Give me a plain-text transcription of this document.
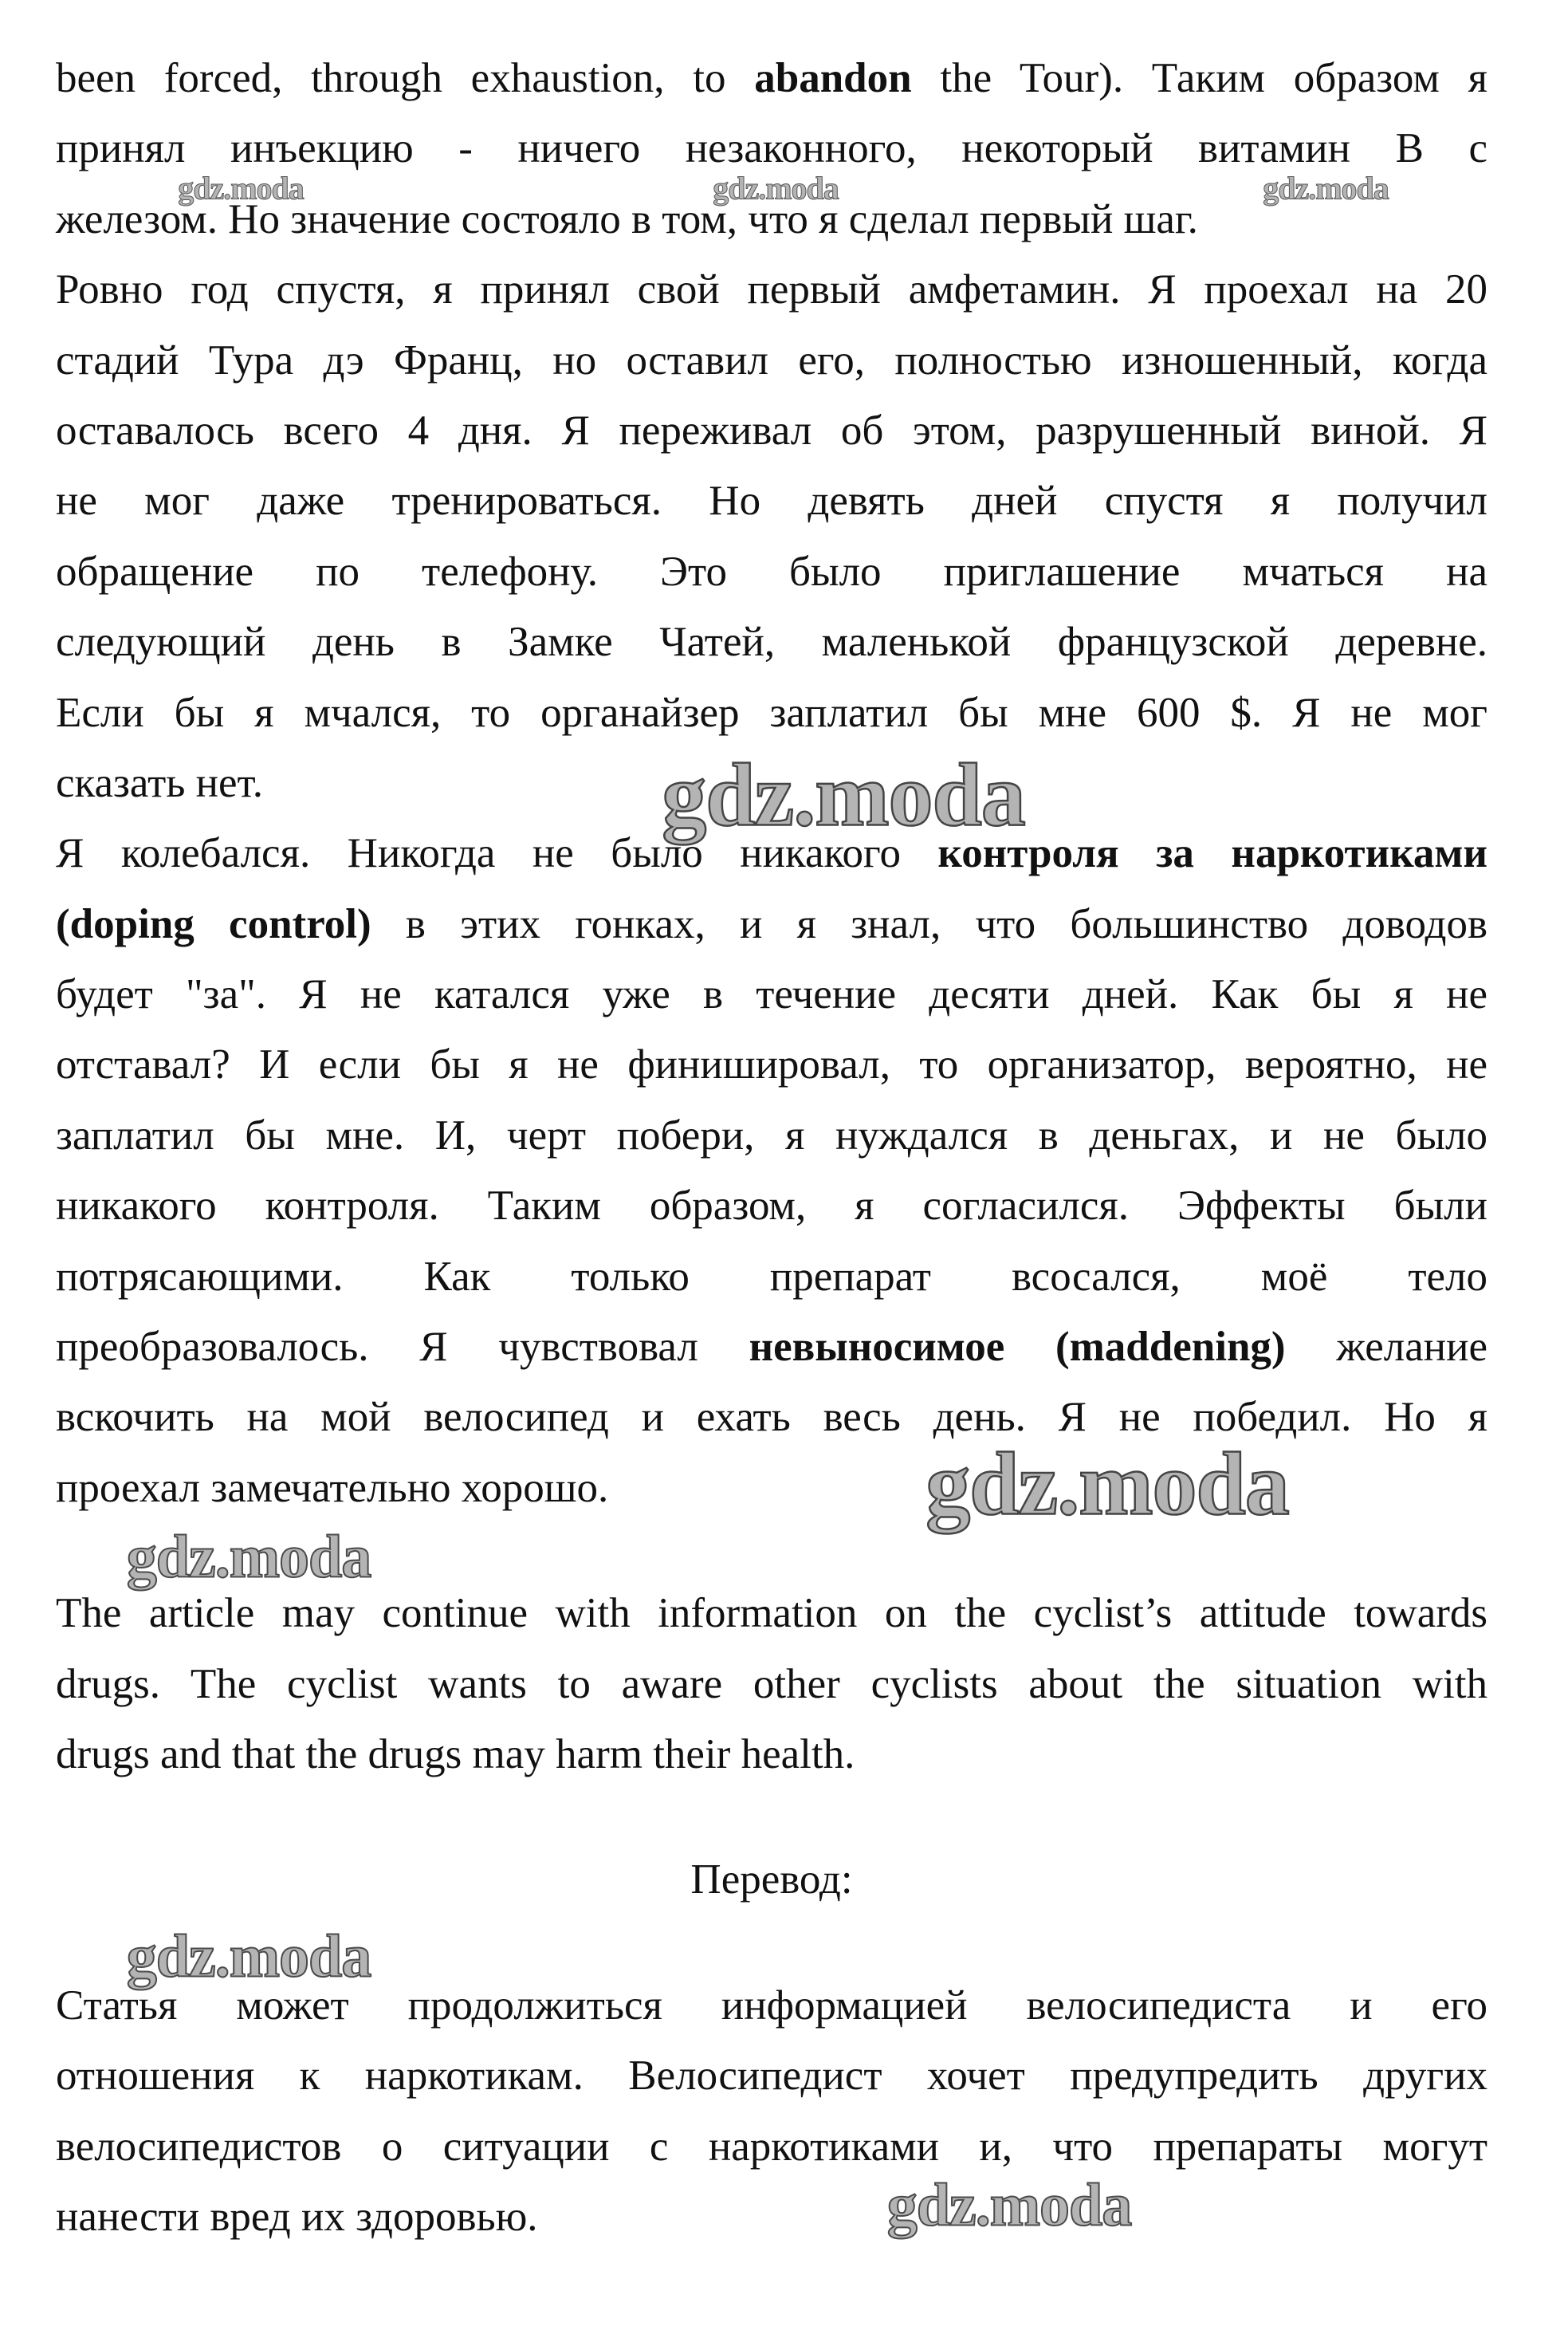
been forced, through exhaustion, to abandon the Tour). Таким образом я
принял инъекцию - ничего незаконного, некоторый витамин В с
железом. Но значение состояло в том, что я сделал первый шаг.
Ровно год спустя, я принял свой первый амфетамин. Я проехал на 20
стадий Тура дэ Франц, но оставил его, полностью изношенный, когда
оставалось всего 4 дня. Я переживал об этом, разрушенный виной. Я
не мог даже тренироваться. Но девять дней спустя я получил
обращение по телефону. Это было приглашение мчаться на
следующий день в Замке Чатей, маленькой французской деревне.
Если бы я мчался, то органайзер заплатил бы мне 600 $. Я не мог
сказать нет.
Я колебался. Никогда не было никакого контроля за наркотиками
(doping control) в этих гонках, и я знал, что большинство доводов
будет "за". Я не катался уже в течение десяти дней. Как бы я не
отставал? И если бы я не финишировал, то организатор, вероятно, не
заплатил бы мне. И, черт побери, я нуждался в деньгах, и не было
никакого контроля. Таким образом, я согласился. Эффекты были
потрясающими. Как только препарат всосался, моё тело
преобразовалось. Я чувствовал невыносимое (maddening) желание
вскочить на мой велосипед и ехать весь день. Я не победил. Но я
проехал замечательно хорошо.
The article may continue with information on the cyclist’s attitude towards
drugs. The cyclist wants to aware other cyclists about the situation with
drugs and that the drugs may harm their health.
Перевод:
Статья может продолжиться информацией велосипедиста и его
отношения к наркотикам. Велосипедист хочет предупредить других
велосипедистов о ситуации с наркотиками и, что препараты могут
нанести вред их здоровью.
gdz.moda	gdz.moda	gdz.moda
gdz.moda
gdz.moda
gdz.moda
gdz.moda
gdz.moda
